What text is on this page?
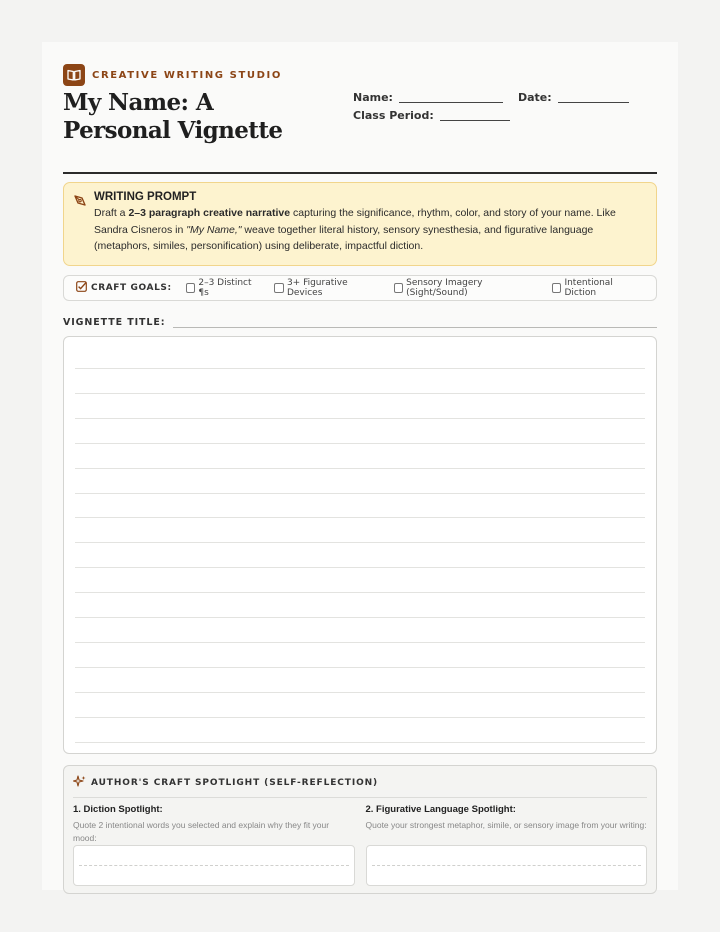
CREATIVE WRITING STUDIO
My Name: A Personal Vignette
Name:	Date:
Class Period:
WRITING PROMPT
Draft a 2–3 paragraph creative narrative capturing the significance, rhythm, color, and story of your name. Like Sandra Cisneros in "My Name," weave together literal history, sensory synesthesia, and figurative language (metaphors, similes, personification) using deliberate, impactful diction.
CRAFT GOALS:	2–3 Distinct ¶s
3+ Figurative Devices
Sensory Imagery (Sight/Sound)
Intentional Diction
VIGNETTE TITLE:
AUTHOR'S CRAFT SPOTLIGHT (SELF-REFLECTION)
1. Diction Spotlight:
Quote 2 intentional words you selected and explain why they fit your mood:
2. Figurative Language Spotlight:
Quote your strongest metaphor, simile, or sensory image from your writing:
